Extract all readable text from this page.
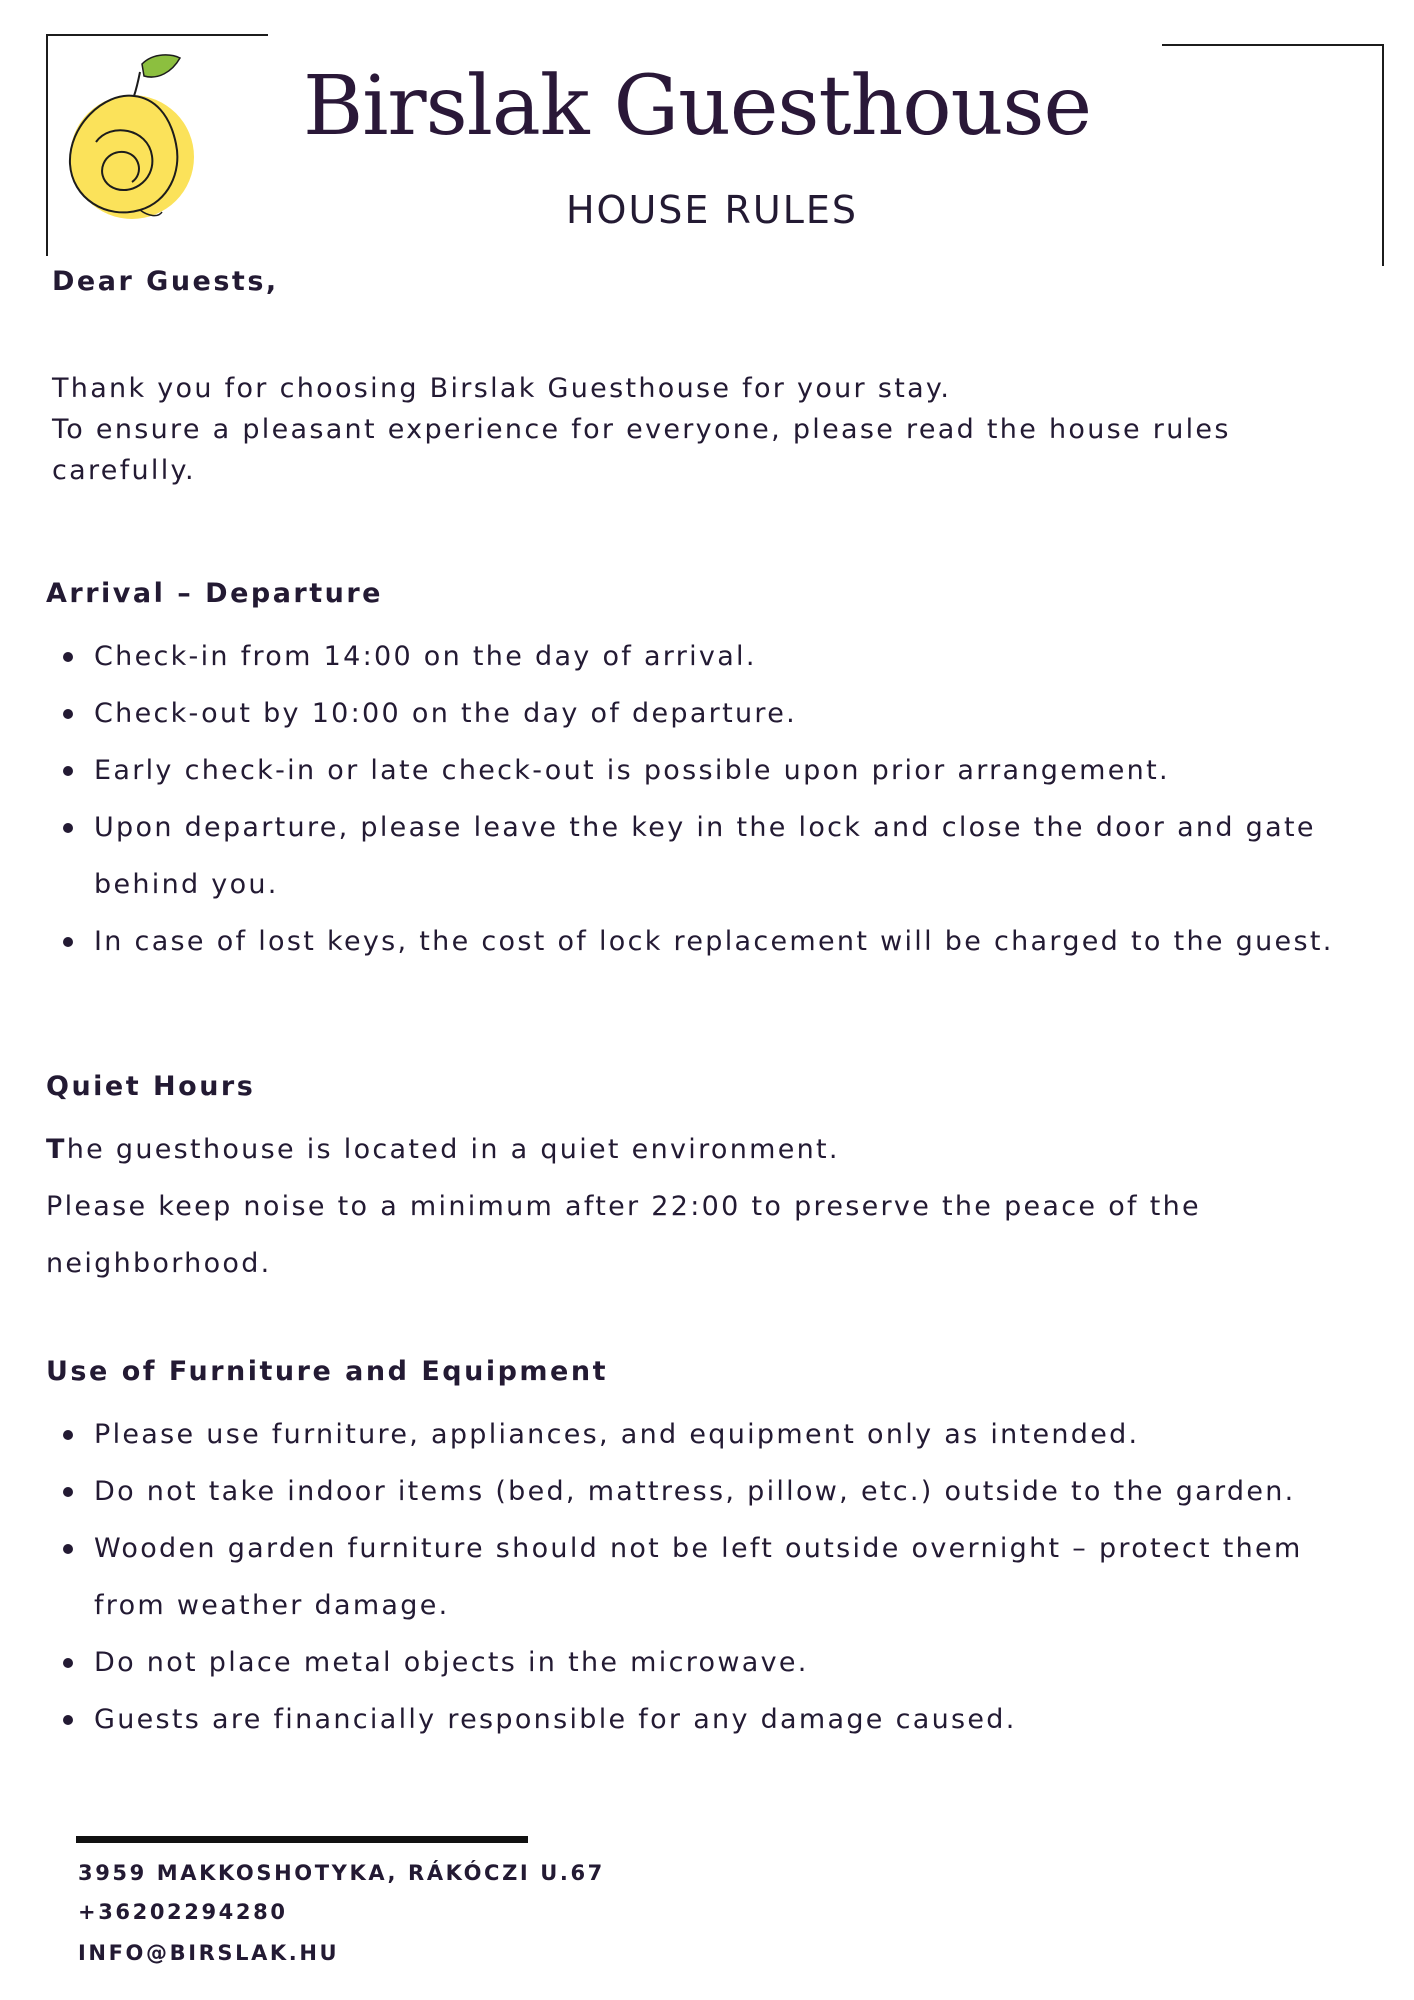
Birslak Guesthouse
HOUSE RULES
Dear Guests,
Thank you for choosing Birslak Guesthouse for your stay.
To ensure a pleasant experience for everyone, please read the house rules
carefully.
Arrival – Departure
Check-in from 14:00 on the day of arrival.
Check-out by 10:00 on the day of departure.
Early check-in or late check-out is possible upon prior arrangement.
Upon departure, please leave the key in the lock and close the door and gate behind you.
In case of lost keys, the cost of lock replacement will be charged to the guest.
Quiet Hours
The guesthouse is located in a quiet environment.
Please keep noise to a minimum after 22:00 to preserve the peace of the neighborhood.
Use of Furniture and Equipment
Please use furniture, appliances, and equipment only as intended.
Do not take indoor items (bed, mattress, pillow, etc.) outside to the garden.
Wooden garden furniture should not be left outside overnight – protect them from weather damage.
Do not place metal objects in the microwave.
Guests are financially responsible for any damage caused.
3959 MAKKOSHOTYKA, RÁKÓCZI U.67
+36202294280
INFO@BIRSLAK.HU
